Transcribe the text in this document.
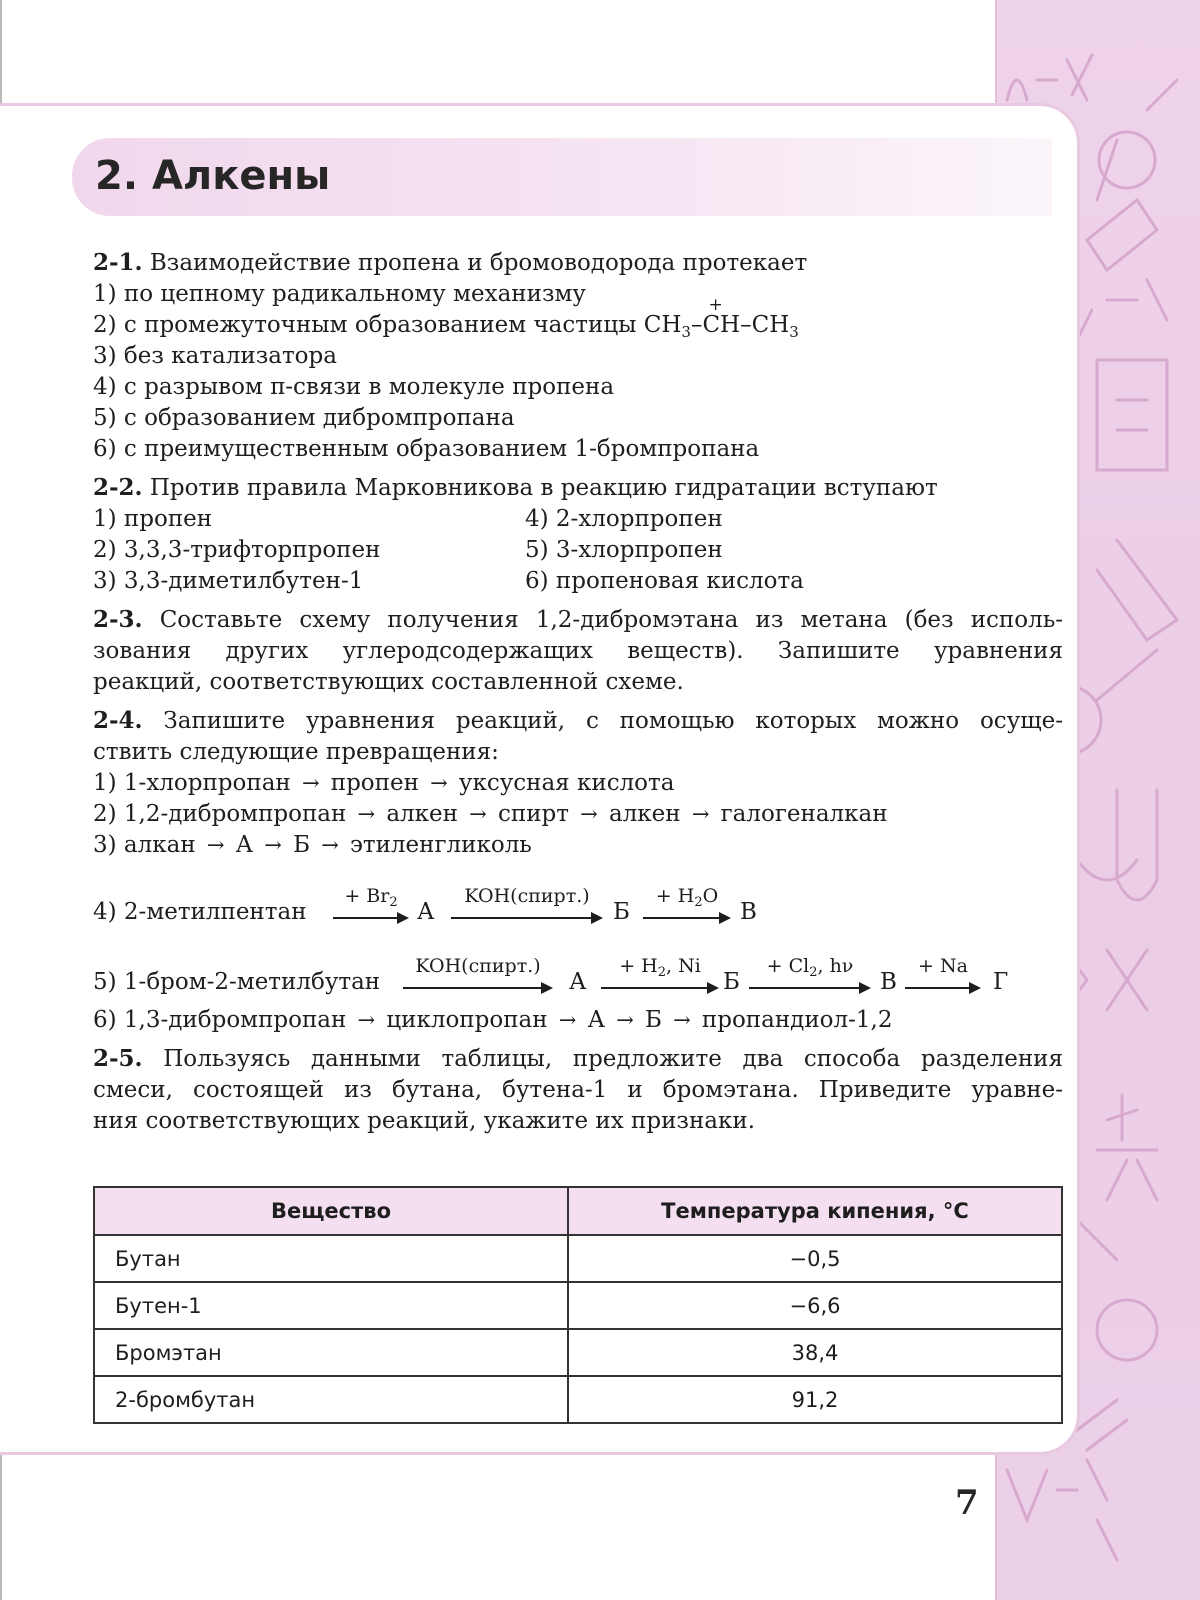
2. Алкены

2-1. Взаимодействие пропена и бромоводорода протекает

1) по цепному радикальному механизму

2) с промежуточным образованием частицы $CH_3-$
+
$CH-CH_3$

3) без катализатора

4) с разрывом π-связи в молекуле пропена

5) с образованием дибромпропана

6) с преимущественным образованием 1-бромпропана

2-2. Против правила Марковникова в реакцию гидратации вступают

1) пропен	4) 2-хлорпропен
2) 3,3,3-трифторпропен	5) 3-хлорпропен
3) 3,3-диметилбутен-1	6) пропеновая кислота

2-3. Составьте схему получения 1,2-дибромэтана из метана (без исполь-

зования других углеродсодержащих веществ). Запишите уравнения

реакций, соответствующих составленной схеме.

2-4. Запишите уравнения реакций, с помощью которых можно осуще-

ствить следующие превращения:

1) 1-хлорпропан → пропен → уксусная кислота

2) 1,2-дибромпропан → алкен → спирт → алкен → галогеналкан

3) алкан → А → Б → этиленгликоль

4) 2-метилпентан
+ $Br_2$ А
KOH(спирт.)
Б
+ $H_2O$
В
5) 1-бром-2-метилбутан
KOH(спирт.)
А
+ $H_2$, Ni
Б
+ $Cl_2$, hν
В
+ Na
Г

6) 1,3-дибромпропан → циклопропан → А → Б → пропандиол-1,2

2-5. Пользуясь данными таблицы, предложите два способа разделения

смеси, состоящей из бутана, бутена-1 и бромэтана. Приведите уравне-

ния соответствующих реакций, укажите их признаки.

Вещество	Температура кипения, °С
Бутан	−0,5
Бутен-1	−6,6
Бромэтан	38,4
2-бромбутан	91,2
7
